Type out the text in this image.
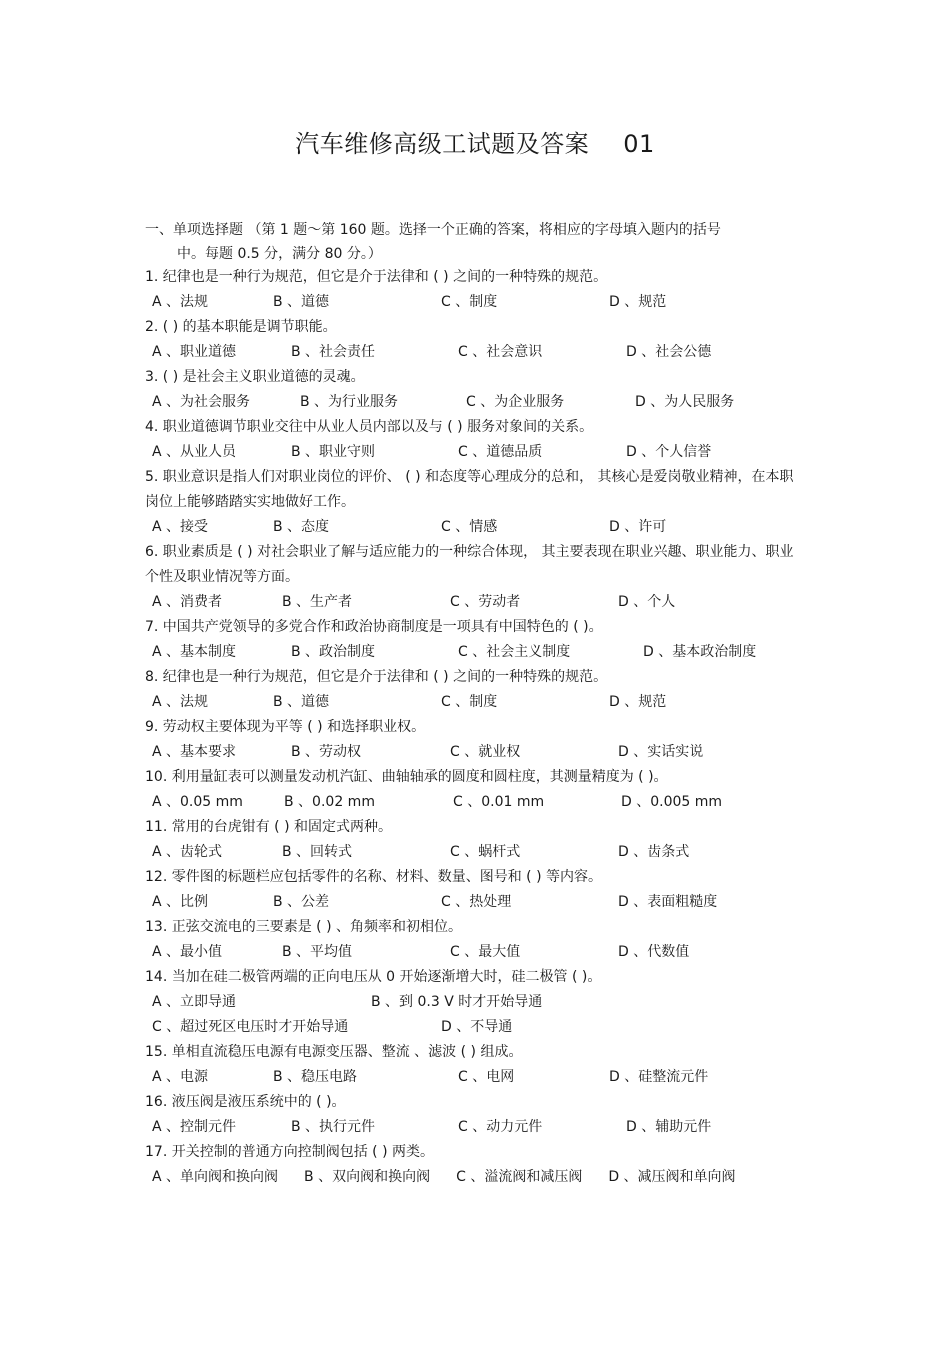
汽车维修高级工试题及答案 01
一、单项选择题 （第 1 题～第 160 题。选择一个正确的答案，将相应的字母填入题内的括号
中。每题 0.5 分，满分 80 分。）
1. 纪律也是一种行为规范，但它是介于法律和 ( ) 之间的一种特殊的规范。
A 、法规	B 、道德	C 、制度	D 、规范
2. ( ) 的基本职能是调节职能。
A 、职业道德	B 、社会责任	C 、社会意识	D 、社会公德
3. ( ) 是社会主义职业道德的灵魂。
A 、为社会服务	B 、为行业服务	C 、为企业服务	D 、为人民服务
4. 职业道德调节职业交往中从业人员内部以及与 ( ) 服务对象间的关系。
A 、从业人员	B 、职业守则	C 、道德品质	D 、个人信誉
5. 职业意识是指人们对职业岗位的评价、 ( ) 和态度等心理成分的总和， 其核心是爱岗敬业精神，在本职岗位上能够踏踏实实地做好工作。
A 、接受	B 、态度	C 、情感	D 、许可
6. 职业素质是 ( ) 对社会职业了解与适应能力的一种综合体现， 其主要表现在职业兴趣、职业能力、职业个性及职业情况等方面。
A 、消费者	B 、生产者	C 、劳动者	D 、个人
7. 中国共产党领导的多党合作和政治协商制度是一项具有中国特色的 ( )。
A 、基本制度	B 、政治制度	C 、社会主义制度	D 、基本政治制度
8. 纪律也是一种行为规范，但它是介于法律和 ( ) 之间的一种特殊的规范。
A 、法规	B 、道德	C 、制度	D 、规范
9. 劳动权主要体现为平等 ( ) 和选择职业权。
A 、基本要求	B 、劳动权	C 、就业权	D 、实话实说
10. 利用量缸表可以测量发动机汽缸、曲轴轴承的圆度和圆柱度，其测量精度为 ( )。
A 、0.05 mm	B 、0.02 mm	C 、0.01 mm	D 、0.005 mm
11. 常用的台虎钳有 ( ) 和固定式两种。
A 、齿轮式	B 、回转式	C 、蜗杆式	D 、齿条式
12. 零件图的标题栏应包括零件的名称、材料、数量、图号和 ( ) 等内容。
A 、比例	B 、公差	C 、热处理	D 、表面粗糙度
13. 正弦交流电的三要素是 ( ) 、角频率和初相位。
A 、最小值	B 、平均值	C 、最大值	D 、代数值
14. 当加在硅二极管两端的正向电压从 0 开始逐渐增大时，硅二极管 ( )。
A 、立即导通	B 、到 0.3 V 时才开始导通
C 、超过死区电压时才开始导通	D 、不导通
15. 单相直流稳压电源有电源变压器、整流 、滤波 ( ) 组成。
A 、电源	B 、稳压电路	C 、电网	D 、硅整流元件
16. 液压阀是液压系统中的 ( )。
A 、控制元件	B 、执行元件	C 、动力元件	D 、辅助元件
17. 开关控制的普通方向控制阀包括 ( ) 两类。
A 、单向阀和换向阀 B 、双向阀和换向阀 C 、溢流阀和减压阀 D 、减压阀和单向阀
